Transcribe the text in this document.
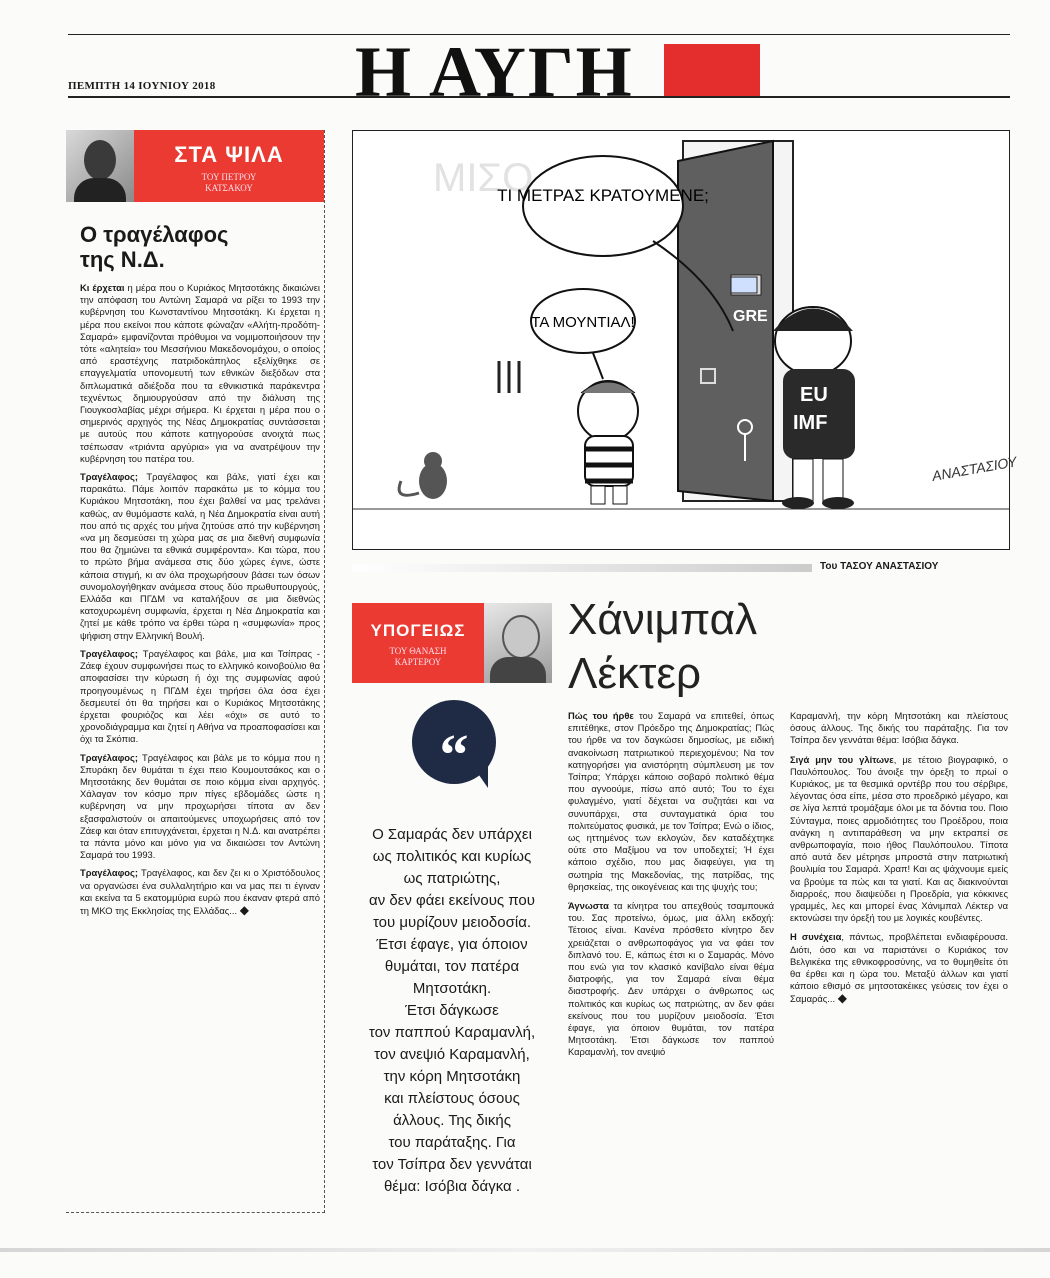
ΠΕΜΠΤΗ 14 ΙΟΥΝΙΟΥ 2018 Η ΑΥΓΗ
ΣΤΑ ΨΙΛΑ
ΤΟΥ ΠΕΤΡΟΥ
ΚΑΤΣΑΚΟΥ
Ο τραγέλαφος
της Ν.Δ.

Κι έρχεται η μέρα που ο Κυριάκος Μητσοτάκης δικαιώνει την απόφαση του Αντώνη Σαμαρά να ρίξει το 1993 την κυβέρνηση του Κωνσταντίνου Μητσοτάκη. Κι έρχεται η μέρα που εκείνοι που κάποτε φώναζαν «Αλήτη-προδότη-Σαμαρά» εμφανίζονται πρόθυμοι να νομιμοποιήσουν την τότε «αλητεία» του Μεσσήνιου Μακεδονομάχου, ο οποίος από εραστέχνης πατριδοκάπηλος εξελίχθηκε σε επαγγελματία υπονομευτή των εθνικών διεξόδων στα διπλωματικά αδιέξοδα που τα εθνικιστικά παράκεντρα τεχνέντως δημιουργούσαν από την διάλυση της Γιουγκοσλαβίας μέχρι σήμερα. Κι έρχεται η μέρα που ο σημερινός αρχηγός της Νέας Δημοκρατίας συντάσσεται με αυτούς που κάποτε κατηγορούσε ανοιχτά πως τσέπωσαν «τριάντα αργύρια» για να ανατρέψουν την κυβέρνηση του πατέρα του.

Τραγέλαφος; Τραγέλαφος και βάλε, γιατί έχει και παρακάτω. Πάμε λοιπόν παρακάτω με το κόμμα του Κυριάκου Μητσοτάκη, που έχει βαλθεί να μας τρελάνει καθώς, αν θυμόμαστε καλά, η Νέα Δημοκρατία είναι αυτή που από τις αρχές του μήνα ζητούσε από την κυβέρνηση «να μη δεσμεύσει τη χώρα μας σε μια διεθνή συμφωνία που θα ζημιώνει τα εθνικά συμφέροντα». Και τώρα, που το πρώτο βήμα ανάμεσα στις δύο χώρες έγινε, ώστε κάποια στιγμή, κι αν όλα προχωρήσουν βάσει των όσων συνομολογήθηκαν ανάμεσα στους δύο πρωθυπουργούς, Ελλάδα και ΠΓΔΜ να καταλήξουν σε μια διεθνώς κατοχυρωμένη συμφωνία, έρχεται η Νέα Δημοκρατία και ζητεί με κάθε τρόπο να έρθει τώρα η «συμφωνία» προς ψήφιση στην Ελληνική Βουλή.

Τραγέλαφος; Τραγέλαφος και βάλε, μια και Τσίπρας - Ζάεφ έχουν συμφωνήσει πως το ελληνικό κοινοβούλιο θα αποφασίσει την κύρωση ή όχι της συμφωνίας αφού προηγουμένως η ΠΓΔΜ έχει τηρήσει όλα όσα έχει δεσμευτεί ότι θα τηρήσει και ο Κυριάκος Μητσοτάκης έρχεται φουριόζος και λέει «όχι» σε αυτό το χρονοδιάγραμμα και ζητεί η Αθήνα να προαποφασίσει και όχι τα Σκόπια.

Τραγέλαφος; Τραγέλαφος και βάλε με το κόμμα που η Σπυράκη δεν θυμάται τι έχει πειο Κουμουτσάκος και ο Μητσοτάκης δεν θυμάται σε ποιο κόμμα είναι αρχηγός. Χάλαγαν τον κόσμο πριν πίγες εβδομάδες ώστε η κυβέρνηση να μην προχωρήσει τίποτα αν δεν εξασφαλιστούν οι απαιτούμενες υποχωρήσεις από τον Ζάεφ και όταν επιτυγχάνεται, έρχεται η Ν.Δ. και ανατρέπει τα πάντα μόνο και μόνο για να δικαιώσει τον Αντώνη Σαμαρά του 1993.

Τραγέλαφος; Τραγέλαφος, και δεν ζει κι ο Χριστόδουλος να οργανώσει ένα συλλαλητήριο και να μας πει τι έγιναν και εκείνα τα 5 εκατομμύρια ευρώ που έκαναν φτερά από τη ΜΚΟ της Εκκλησίας της Ελλάδας... ◆

ΜΙΣΟ
GRE
EU
IMF
ΤΙ ΜΕΤΡΑΣ ΚΡΑΤΟΥΜΕΝΕ;
ΤΑ ΜΟΥΝΤΙΑΛ!
ΑΝΑΣΤΑΣΙΟΥ
Του ΤΑΣΟΥ ΑΝΑΣΤΑΣΙΟΥ
ΥΠΟΓΕΙΩΣ
ΤΟΥ ΘΑΝΑΣΗ
ΚΑΡΤΕΡΟΥ
“

Ο Σαμαράς δεν υπάρχει

ως πολιτικός και κυρίως

ως πατριώτης,

αν δεν φάει εκείνους που

του μυρίζουν μειοδοσία.

Έτσι έφαγε, για όποιον

θυμάται, τον πατέρα

Μητσοτάκη.

Έτσι δάγκωσε

τον παππού Καραμανλή,

τον ανεψιό Καραμανλή,

την κόρη Μητσοτάκη

και πλείστους όσους

άλλους. Της δικής

του παράταξης. Για

τον Τσίπρα δεν γεννάται

θέμα: Ισόβια δάγκα .

Χάνιμπαλ
Λέκτερ

Πώς του ήρθε του Σαμαρά να επιτεθεί, όπως επιτέθηκε, στον Πρόεδρο της Δημοκρατίας; Πώς του ήρθε να τον δαγκώσει δημοσίως, με ειδική ανακοίνωση πατριωτικού περιεχομένου; Να τον κατηγορήσει για ανιστόρητη σύμπλευση με τον Τσίπρα; Υπάρχει κάποιο σοβαρό πολιτικό θέμα που αγνοούμε, πίσω από αυτό; Του το έχει φυλαγμένο, γιατί δέχεται να συζητάει και να συνυπάρχει, στα συνταγματικά όρια του πολιτεύματος φυσικά, με τον Τσίπρα; Ενώ ο ίδιος, ως ηττημένος των εκλογών, δεν καταδέχτηκε ούτε στο Μαξίμου να τον υποδεχτεί; Ή έχει κάποιο σχέδιο, που μας διαφεύγει, για τη σωτηρία της Μακεδονίας, της πατρίδας, της θρησκείας, της οικογένειας και της ψυχής του;

Άγνωστα τα κίνητρα του απεχθούς τσαμπουκά του. Σας προτείνω, όμως, μια άλλη εκδοχή: Τέτοιος είναι. Κανένα πρόσθετο κίνητρο δεν χρειάζεται ο ανθρωποφάγος για να φάει τον διπλανό του. Ε, κάπως έτσι κι ο Σαμαράς. Μόνο που ενώ για τον κλασικό κανίβαλο είναι θέμα διατροφής, για τον Σαμαρά είναι θέμα διαστροφής. Δεν υπάρχει ο άνθρωπος ως πολιτικός και κυρίως ως πατριώτης, αν δεν φάει εκείνους που του μυρίζουν μειοδοσία. Έτσι έφαγε, για όποιον θυμάται, τον πατέρα Μητσοτάκη. Έτσι δάγκωσε τον παππού Καραμανλή, τον ανεψιό

Καραμανλή, την κόρη Μητσοτάκη και πλείστους όσους άλλους. Της δικής του παράταξης. Για τον Τσίπρα δεν γεννάται θέμα: Ισόβια δάγκα.

Σιγά μην του γλίτωνε, με τέτοιο βιογραφικό, ο Παυλόπουλος. Του άνοιξε την όρεξη το πρωί ο Κυριάκος, με τα θεσμικά ορντέβρ που του σέρβιρε, λέγοντας όσα είπε, μέσα στο προεδρικό μέγαρο, και σε λίγα λεπτά τρομάξαμε όλοι με τα δόντια του. Ποιο Σύνταγμα, ποιες αρμοδιότητες του Προέδρου, ποια ανάγκη η αντιπαράθεση να μην εκτραπεί σε ανθρωποφαγία, ποιο ήθος Παυλόπουλου. Τίποτα από αυτά δεν μέτρησε μπροστά στην πατριωτική βουλιμία του Σαμαρά. Χραπ! Και ας ψάχνουμε εμείς να βρούμε τα πώς και τα γιατί. Και ας διακινούνται διαρροές, που διαψεύδει η Προεδρία, για κόκκινες γραμμές, λες και μπορεί ένας Χάνιμπαλ Λέκτερ να εκτονώσει την όρεξή του με λογικές κουβέντες.

Η συνέχεια, πάντως, προβλέπεται ενδιαφέρουσα. Διότι, όσο και να παριστάνει ο Κυριάκος τον Βελγικέκα της εθνικοφροσύνης, να το θυμηθείτε ότι θα έρθει και η ώρα του. Μεταξύ άλλων και γιατί κάποιο εθισμό σε μητσοτακέικες γεύσεις τον έχει ο Σαμαράς... ◆
